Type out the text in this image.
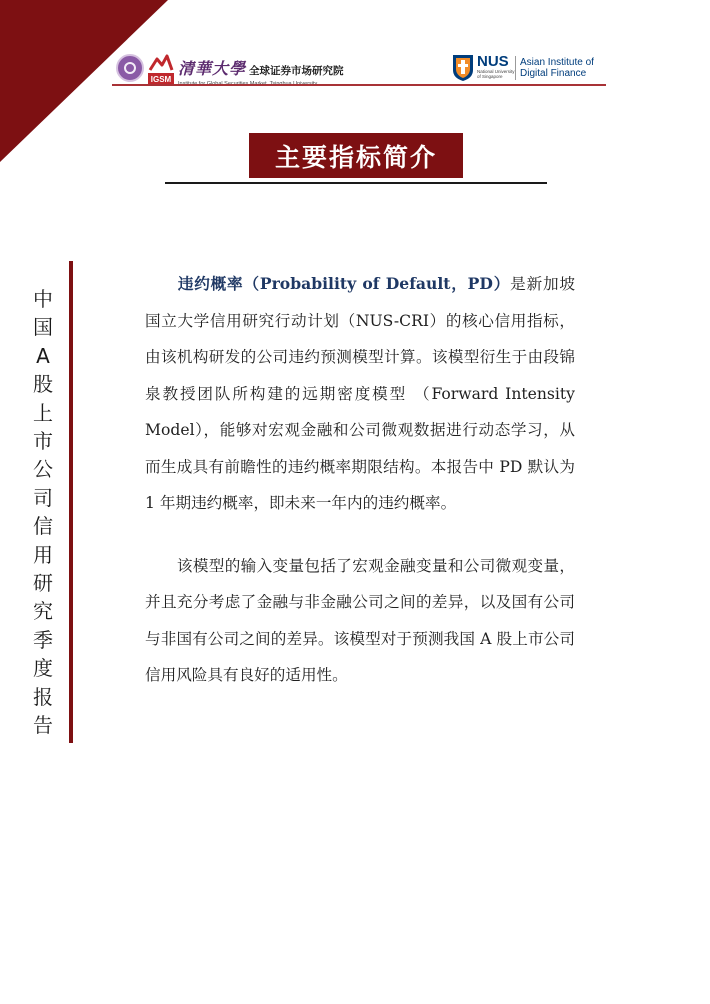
IGSM
清華大學 全球证券市场研究院
NUS
National University of Singapore
Asian Institute of
Digital Finance
主要指标简介
中
国
A
股
上
市
公
司
信
用
研
究
季
度
报
告

　　违约概率（Probability of Default，PD）是新加坡国立大学信用研究行动计划（NUS-CRI）的核心信用指标，由该机构研发的公司违约预测模型计算。该模型衍生于由段锦泉教授团队所构建的远期密度模型 （Forward Intensity Model），能够对宏观金融和公司微观数据进行动态学习，从而生成具有前瞻性的违约概率期限结构。本报告中 PD 默认为 1 年期违约概率，即未来一年内的违约概率。

　　该模型的输入变量包括了宏观金融变量和公司微观变量，并且充分考虑了金融与非金融公司之间的差异，以及国有公司与非国有公司之间的差异。该模型对于预测我国 A 股上市公司信用风险具有良好的适用性。
